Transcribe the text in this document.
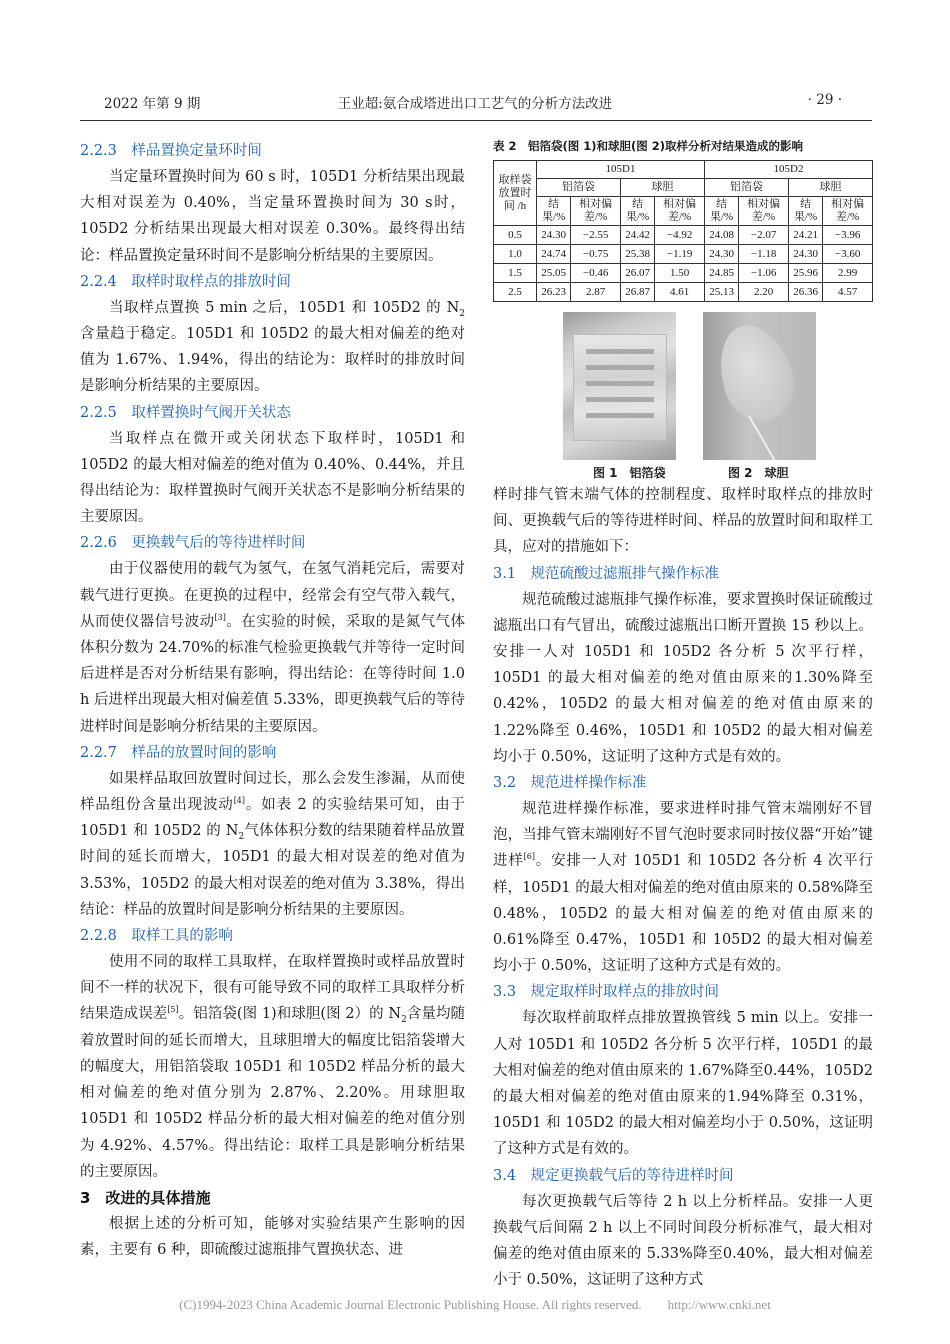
2022 年第 9 期	王业超:氨合成塔进出口工艺气的分析方法改进	· 29 ·
2.2.3　样品置换定量环时间

当定量环置换时间为 60 s 时，105D1 分析结果出现最大相对误差为 0.40%，当定量环置换时间为 30 s时，105D2 分析结果出现最大相对误差 0.30%。最终得出结论：样品置换定量环时间不是影响分析结果的主要原因。

2.2.4　取样时取样点的排放时间

当取样点置换 5 min 之后，105D1 和 105D2 的 $N_2$含量趋于稳定。105D1 和 105D2 的最大相对偏差的绝对值为 1.67%、1.94%，得出的结论为：取样时的排放时间是影响分析结果的主要原因。

2.2.5　取样置换时气阀开关状态

当取样点在微开或关闭状态下取样时，105D1 和105D2 的最大相对偏差的绝对值为 0.40%、0.44%，并且得出结论为：取样置换时气阀开关状态不是影响分析结果的主要原因。

2.2.6　更换载气后的等待进样时间

由于仪器使用的载气为氢气，在氢气消耗完后，需要对载气进行更换。在更换的过程中，经常会有空气带入载气，从而使仪器信号波动[3]。在实验的时候，采取的是氮气气体体积分数为 24.70%的标准气检验更换载气并等待一定时间后进样是否对分析结果有影响，得出结论：在等待时间 1.0 h 后进样出现最大相对偏差值 5.33%，即更换载气后的等待进样时间是影响分析结果的主要原因。

2.2.7　样品的放置时间的影响

如果样品取回放置时间过长，那么会发生渗漏，从而使样品组份含量出现波动[4]。如表 2 的实验结果可知，由于 105D1 和 105D2 的 $N_2$气体体积分数的结果随着样品放置时间的延长而增大，105D1 的最大相对误差的绝对值为 3.53%，105D2 的最大相对误差的绝对值为 3.38%，得出结论：样品的放置时间是影响分析结果的主要原因。

2.2.8　取样工具的影响

使用不同的取样工具取样，在取样置换时或样品放置时间不一样的状况下，很有可能导致不同的取样工具取样分析结果造成误差[5]。铝箔袋(图 1)和球胆(图 2）的 $N_2$含量均随着放置时间的延长而增大，且球胆增大的幅度比铝箔袋增大的幅度大，用铝箔袋取 105D1 和 105D2 样品分析的最大相对偏差的绝对值分别为 2.87%、2.20%。用球胆取 105D1 和 105D2 样品分析的最大相对偏差的绝对值分别为 4.92%、4.57%。得出结论：取样工具是影响分析结果的主要原因。

3　改进的具体措施

根据上述的分析可知，能够对实验结果产生影响的因素，主要有 6 种，即硫酸过滤瓶排气置换状态、进

表 2　铝箔袋(图 1)和球胆(图 2)取样分析对结果造成的影响
取样袋放置时间 /h	105D1				105D2			
	铝箔袋		球胆		铝箔袋		球胆	
	结果/%	相对偏差/%	结果/%	相对偏差/%	结果/%	相对偏差/%	结果/%	相对偏差/%
0.5	24.30	−2.55	24.42	−4.92	24.08	−2.07	24.21	−3.96
1.0	24.74	−0.75	25.38	−1.19	24.30	−1.18	24.30	−3.60
1.5	25.05	−0.46	26.07	1.50	24.85	−1.06	25.96	2.99
2.5	26.23	2.87	26.87	4.61	25.13	2.20	26.36	4.57
图 1　铝箔袋	图 2　球胆

样时排气管末端气体的控制程度、取样时取样点的排放时间、更换载气后的等待进样时间、样品的放置时间和取样工具，应对的措施如下：

3.1　规范硫酸过滤瓶排气操作标准

规范硫酸过滤瓶排气操作标准，要求置换时保证硫酸过滤瓶出口有气冒出，硫酸过滤瓶出口断开置换 15 秒以上。安排一人对 105D1 和 105D2 各分析 5 次平行样，105D1 的最大相对偏差的绝对值由原来的1.30%降至 0.42%，105D2 的最大相对偏差的绝对值由原来的 1.22%降至 0.46%，105D1 和 105D2 的最大相对偏差均小于 0.50%，这证明了这种方式是有效的。

3.2　规范进样操作标准

规范进样操作标准，要求进样时排气管末端刚好不冒泡，当排气管末端刚好不冒气泡时要求同时按仪器“开始”键进样[6]。安排一人对 105D1 和 105D2 各分析 4 次平行样，105D1 的最大相对偏差的绝对值由原来的 0.58%降至 0.48%，105D2 的最大相对偏差的绝对值由原来的 0.61%降至 0.47%，105D1 和 105D2 的最大相对偏差均小于 0.50%，这证明了这种方式是有效的。

3.3　规定取样时取样点的排放时间

每次取样前取样点排放置换管线 5 min 以上。安排一人对 105D1 和 105D2 各分析 5 次平行样，105D1 的最大相对偏差的绝对值由原来的 1.67%降至0.44%，105D2 的最大相对偏差的绝对值由原来的1.94%降至 0.31%，105D1 和 105D2 的最大相对偏差均小于 0.50%，这证明了这种方式是有效的。

3.4　规定更换载气后的等待进样时间

每次更换载气后等待 2 h 以上分析样品。安排一人更换载气后间隔 2 h 以上不同时间段分析标准气，最大相对偏差的绝对值由原来的 5.33%降至0.40%，最大相对偏差小于 0.50%，这证明了这种方式

(C)1994-2023 China Academic Journal Electronic Publishing House. All rights reserved.　　http://www.cnki.net
